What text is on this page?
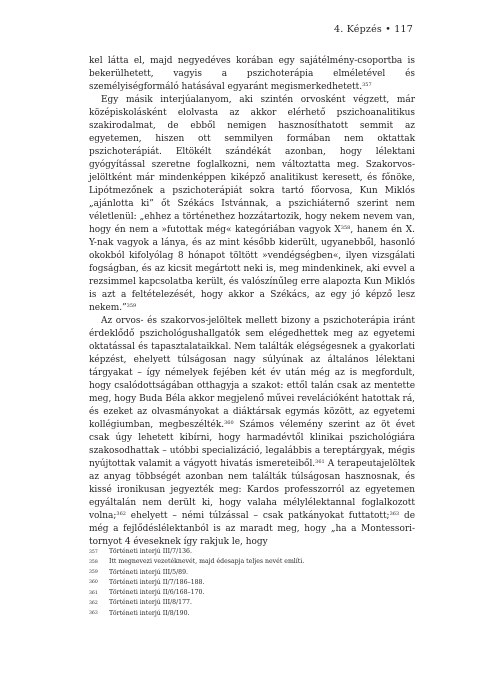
4. Képzés • 117

kel látta el, majd negyedéves korában egy sajátélmény-csoportba is bekerülhetett, vagyis a pszichoterápia elméletével és személyiségformáló hatásával egyaránt megismerkedhetett.$^{357}$

Egy másik interjúalanyom, aki szintén orvosként végzett, már középiskolásként elolvasta az akkor elérhető pszichoanalitikus szakirodalmat, de ebből nemigen hasznosíthatott semmit az egyetemen, hiszen ott semmilyen formában nem oktattak pszichoterápiát. Eltökélt szándékát azonban, hogy lélektani gyógyítással szeretne foglalkozni, nem változtatta meg. Szakorvosjelöltként már mindenképpen kiképző analitikust keresett, és főnöke, Lipótmezőnek a pszichoterápiát sokra tartó főorvosa, Kun Miklós „ajánlotta ki” őt Székács Istvánnak, a pszichiáternő szerint nem véletlenül: „ehhez a történethez hozzátartozik, hogy nekem nevem van, hogy én nem a »futottak még« kategóriában vagyok $X^{358}$, hanem én X. Y-nak vagyok a lánya, és az mint később kiderült, ugyanebből, hasonló okokból kifolyólag 8 hónapot töltött »vendégségben«, ilyen vizsgálati fogságban, és az kicsit megártott neki is, meg mindenkinek, aki evvel a rezsimmel kapcsolatba került, és valószínűleg erre alapozta Kun Miklós is azt a feltételezését, hogy akkor a Székács, az egy jó képző lesz nekem.”$^{359}$

Az orvos- és szakorvos-jelöltek mellett bizony a pszichoterápia iránt érdeklődő pszichológushallgatók sem elégedhettek meg az egyetemi oktatással és tapasztalataikkal. Nem találták elégségesnek a gyakorlati képzést, ehelyett túlságosan nagy súlyúnak az általános lélektani tárgyakat – így némelyek fejében két év után még az is megfordult, hogy csalódottságában otthagyja a szakot: ettől talán csak az mentette meg, hogy Buda Béla akkor megjelenő művei revelációként hatottak rá, és ezeket az olvasmányokat a diáktársak egymás között, az egyetemi kollégiumban, megbeszélték.$^{360}$ Számos vélemény szerint az öt évet csak úgy lehetett kibírni, hogy harmadévtől klinikai pszichológiára szakosodhattak – utóbbi specializáció, legalábbis a tereptárgyak, mégis nyújtottak valamit a vágyott hivatás ismereteiből.$^{361}$ A terapeutajelöltek az anyag többségét azonban nem találták túlságosan hasznosnak, és kissé ironikusan jegyezték meg: Kardos professzorról az egyetemen egyáltalán nem derült ki, hogy valaha mélylélektannal foglalkozott volna;$^{362}$ ehelyett – némi túlzással – csak patkányokat futtatott;$^{363}$ de még a fejlődéslélektanból is az maradt meg, hogy „ha a Montessori-tornyot 4 éveseknek így rakjuk le, hogy

357	Történeti interjú III/7/136.
358	Itt megnevezi vezetéknevét, majd édesapja teljes nevét említi.
359	Történeti interjú III/5/89.
360	Történeti interjú II/7/186–188.
361	Történeti interjú II/6/168–170.
362	Történeti interjú III/8/177.
363	Történeti interjú II/8/190.
